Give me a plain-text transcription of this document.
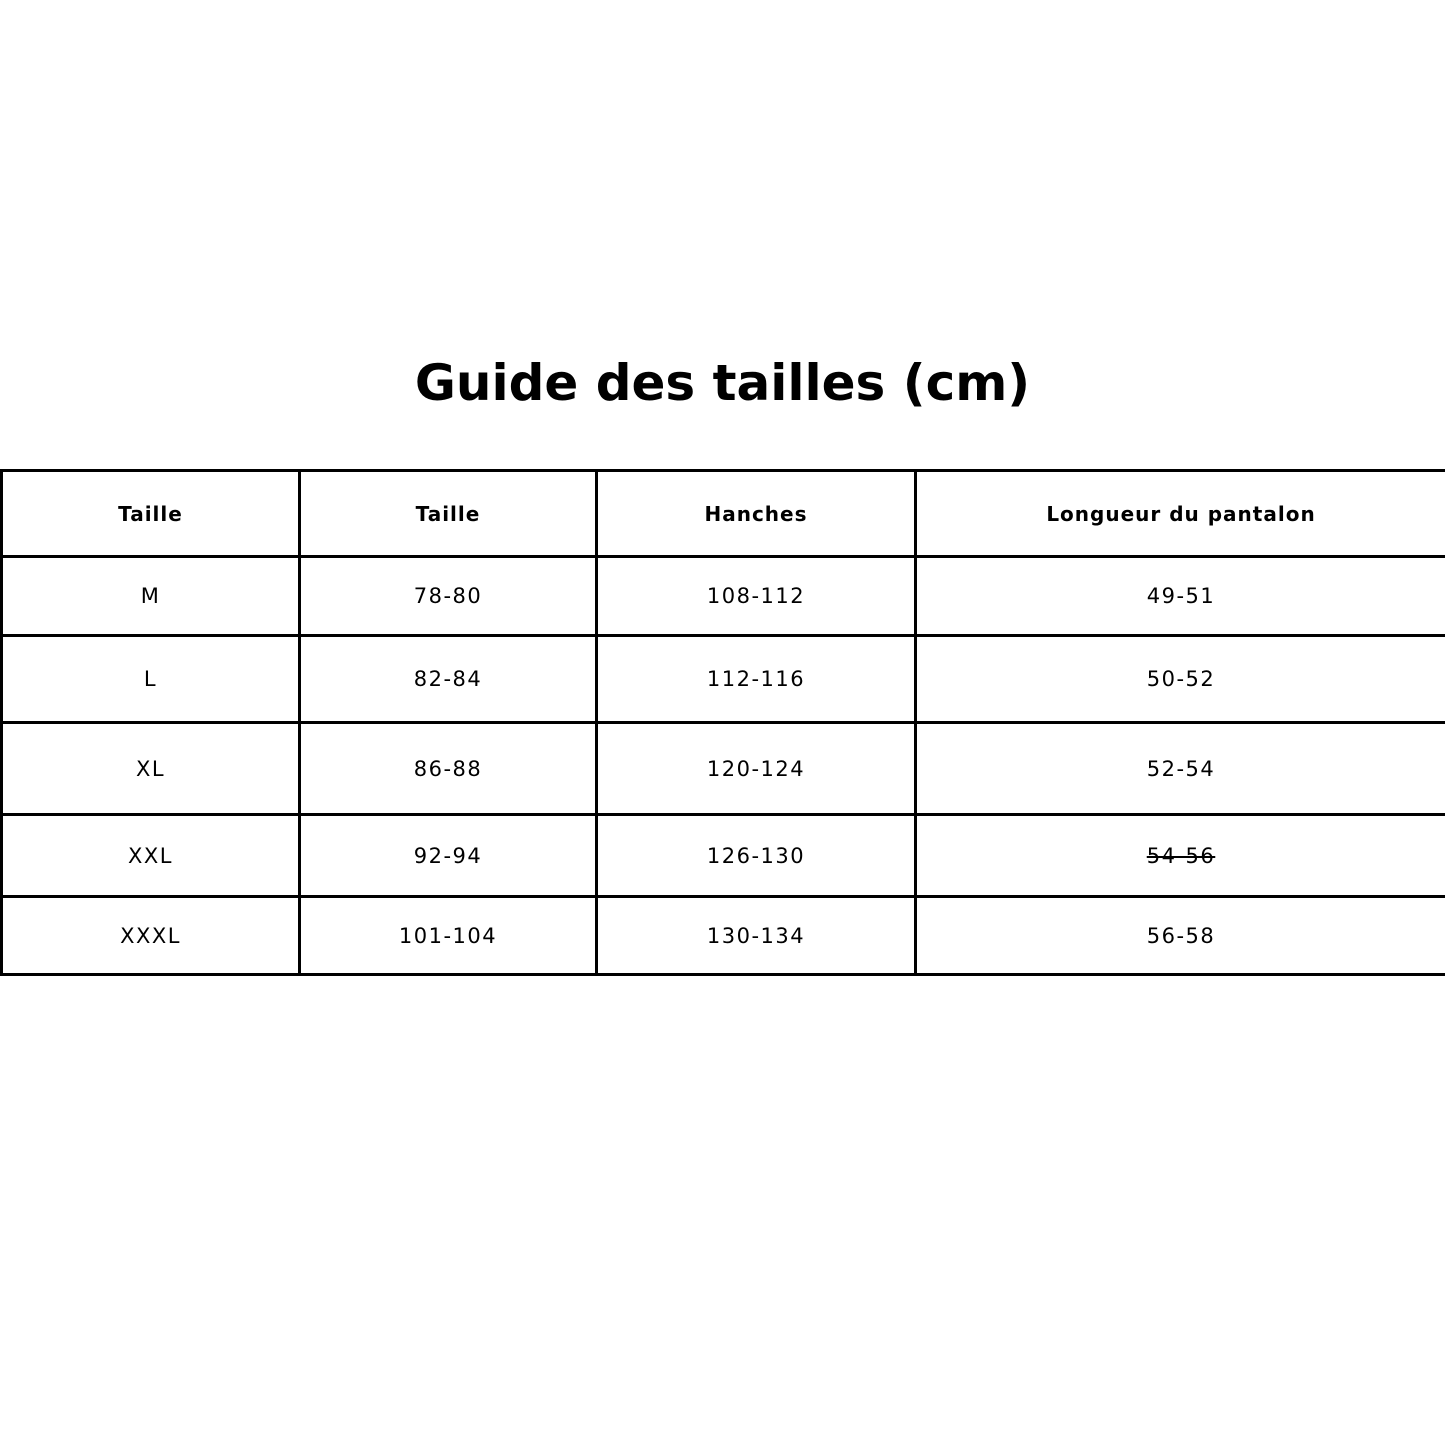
Guide des tailles (cm)
Taille	Taille	Hanches	Longueur du pantalon
M	78-80	108-112	49-51
L	82-84	112-116	50-52
XL	86-88	120-124	52-54
XXL	92-94	126-130	54-56
XXXL	101-104	130-134	56-58
